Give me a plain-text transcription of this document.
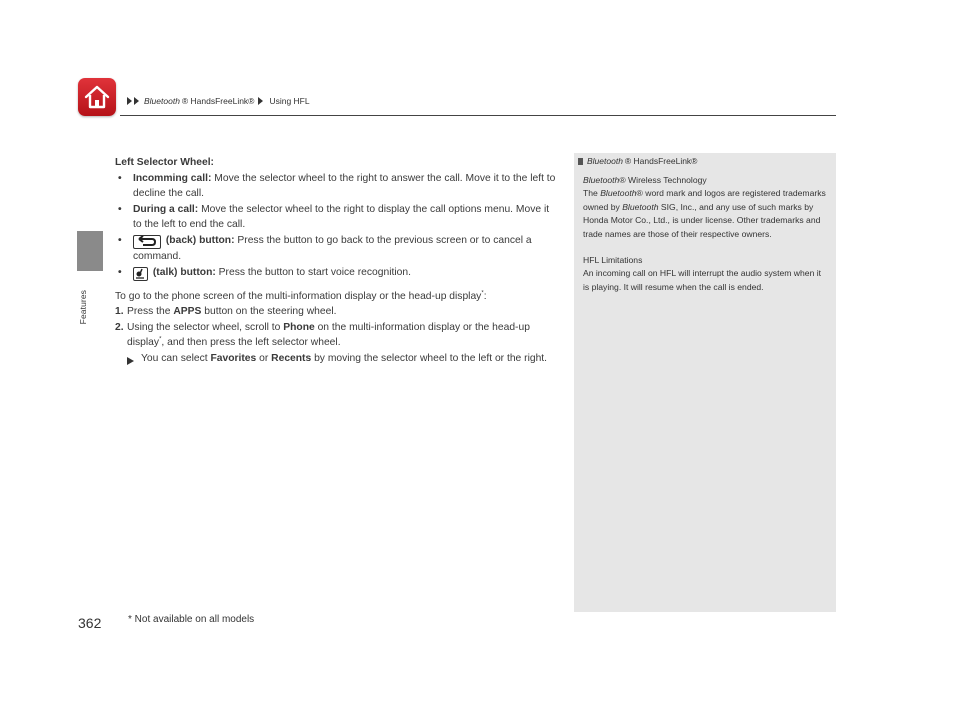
Bluetooth ® HandsFreeLink® Using HFL
Features
Left Selector Wheel:
• Incomming call: Move the selector wheel to the right to answer the call. Move it to the left to decline the call.
• During a call: Move the selector wheel to the right to display the call options menu. Move it to the left to end the call.
•	(back) button: Press the button to go back to the previous screen or to cancel a command.
•	(talk) button: Press the button to start voice recognition.
To go to the phone screen of the multi-information display or the head-up display*:
1. Press the APPS button on the steering wheel.
2. Using the selector wheel, scroll to Phone on the multi-information display or the head-up display*, and then press the left selector wheel.
You can select Favorites or Recents by moving the selector wheel to the left or the right.
Bluetooth ® HandsFreeLink®
Bluetooth® Wireless Technology
The Bluetooth® word mark and logos are registered trademarks owned by Bluetooth SIG, Inc., and any use of such marks by Honda Motor Co., Ltd., is under license. Other trademarks and trade names are those of their respective owners.
HFL Limitations
An incoming call on HFL will interrupt the audio system when it is playing. It will resume when the call is ended.
362	* Not available on all models
